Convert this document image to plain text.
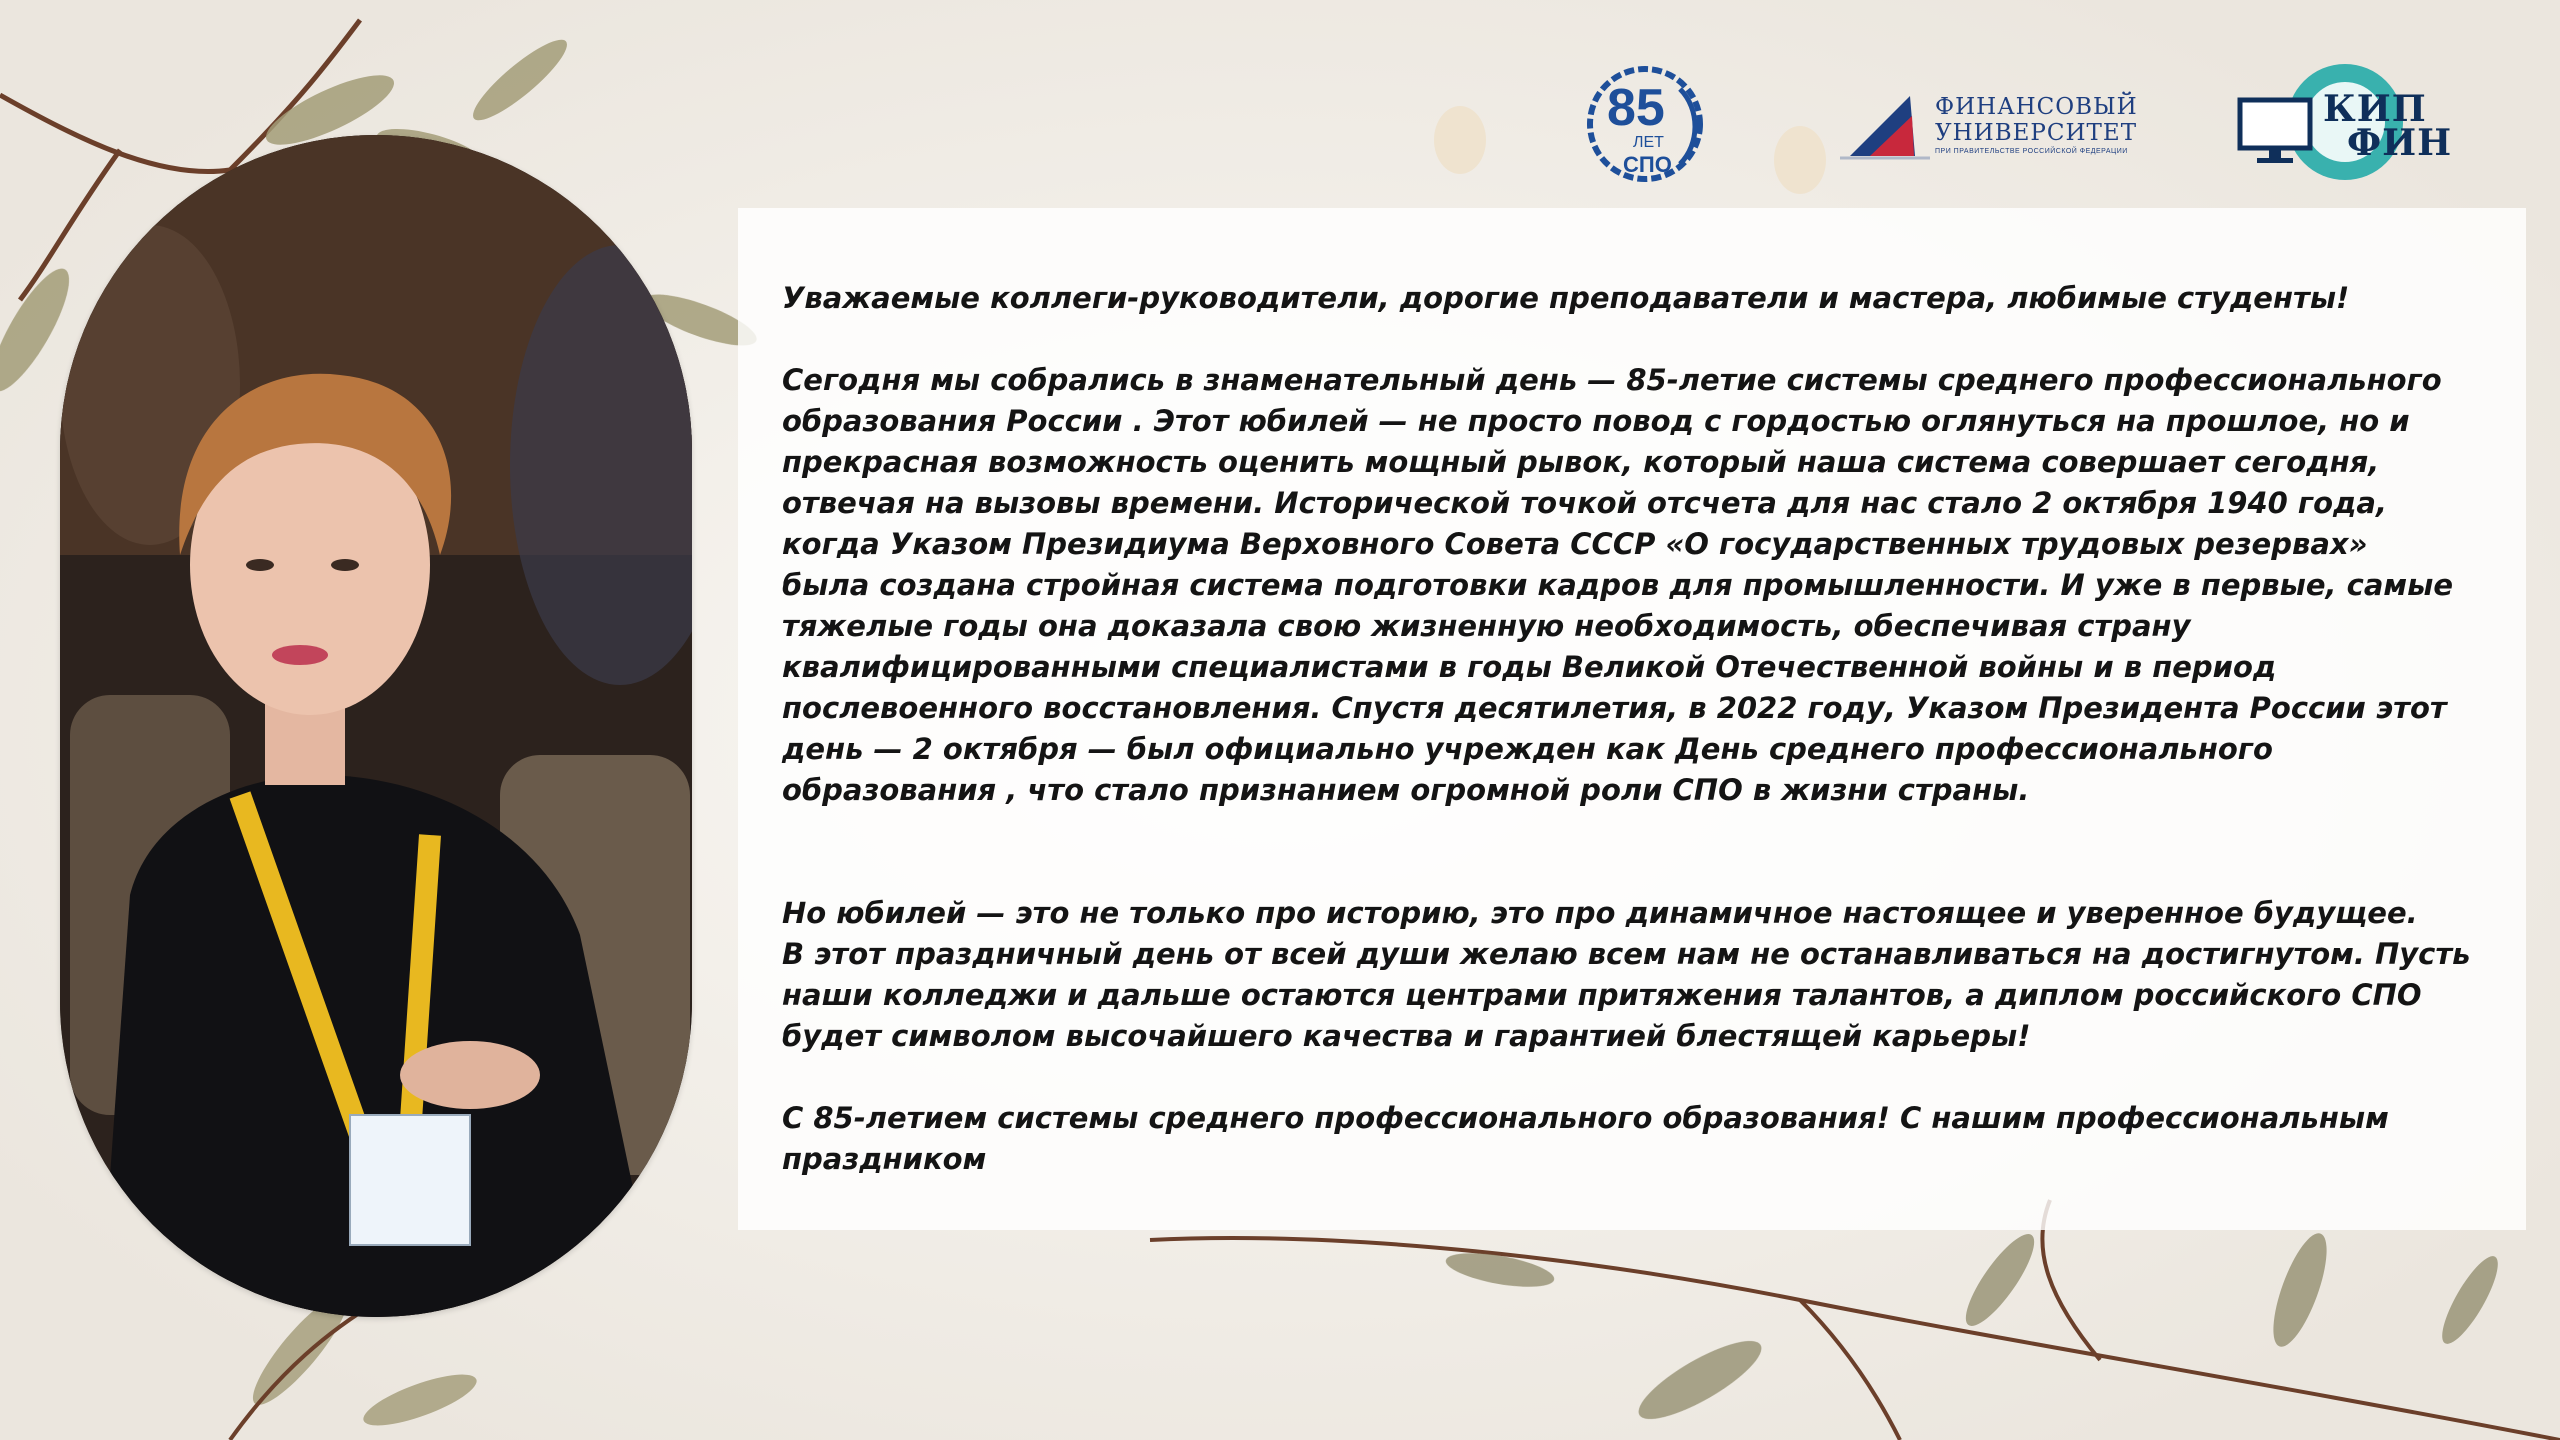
85
ЛЕТ
СПО
ФИНАНСОВЫЙ
УНИВЕРСИТЕТ
ПРИ ПРАВИТЕЛЬСТВЕ РОССИЙСКОЙ ФЕДЕРАЦИИ
КИП
ФИН

Уважаемые коллеги-руководители, дорогие преподаватели и мастера, любимые студенты!

Сегодня мы собрались в знаменательный день — 85-летие системы среднего профессионального

образования России . Этот юбилей — не просто повод с гордостью оглянуться на прошлое, но и

прекрасная возможность оценить мощный рывок, который наша система совершает сегодня,

отвечая на вызовы времени. Исторической точкой отсчета для нас стало 2 октября 1940 года,

когда Указом Президиума Верховного Совета СССР «О государственных трудовых резервах»

была создана стройная система подготовки кадров для промышленности. И уже в первые, самые

тяжелые годы она доказала свою жизненную необходимость, обеспечивая страну

квалифицированными специалистами в годы Великой Отечественной войны и в период

послевоенного восстановления. Спустя десятилетия, в 2022 году, Указом Президента России этот

день — 2 октября — был официально учрежден как День среднего профессионального

образования , что стало признанием огромной роли СПО в жизни страны.

Но юбилей — это не только про историю, это про динамичное настоящее и уверенное будущее.

В этот праздничный день от всей души желаю всем нам не останавливаться на достигнутом. Пусть

наши колледжи и дальше остаются центрами притяжения талантов, а диплом российского СПО

будет символом высочайшего качества и гарантией блестящей карьеры!

С 85-летием системы среднего профессионального образования! С нашим профессиональным

праздником
